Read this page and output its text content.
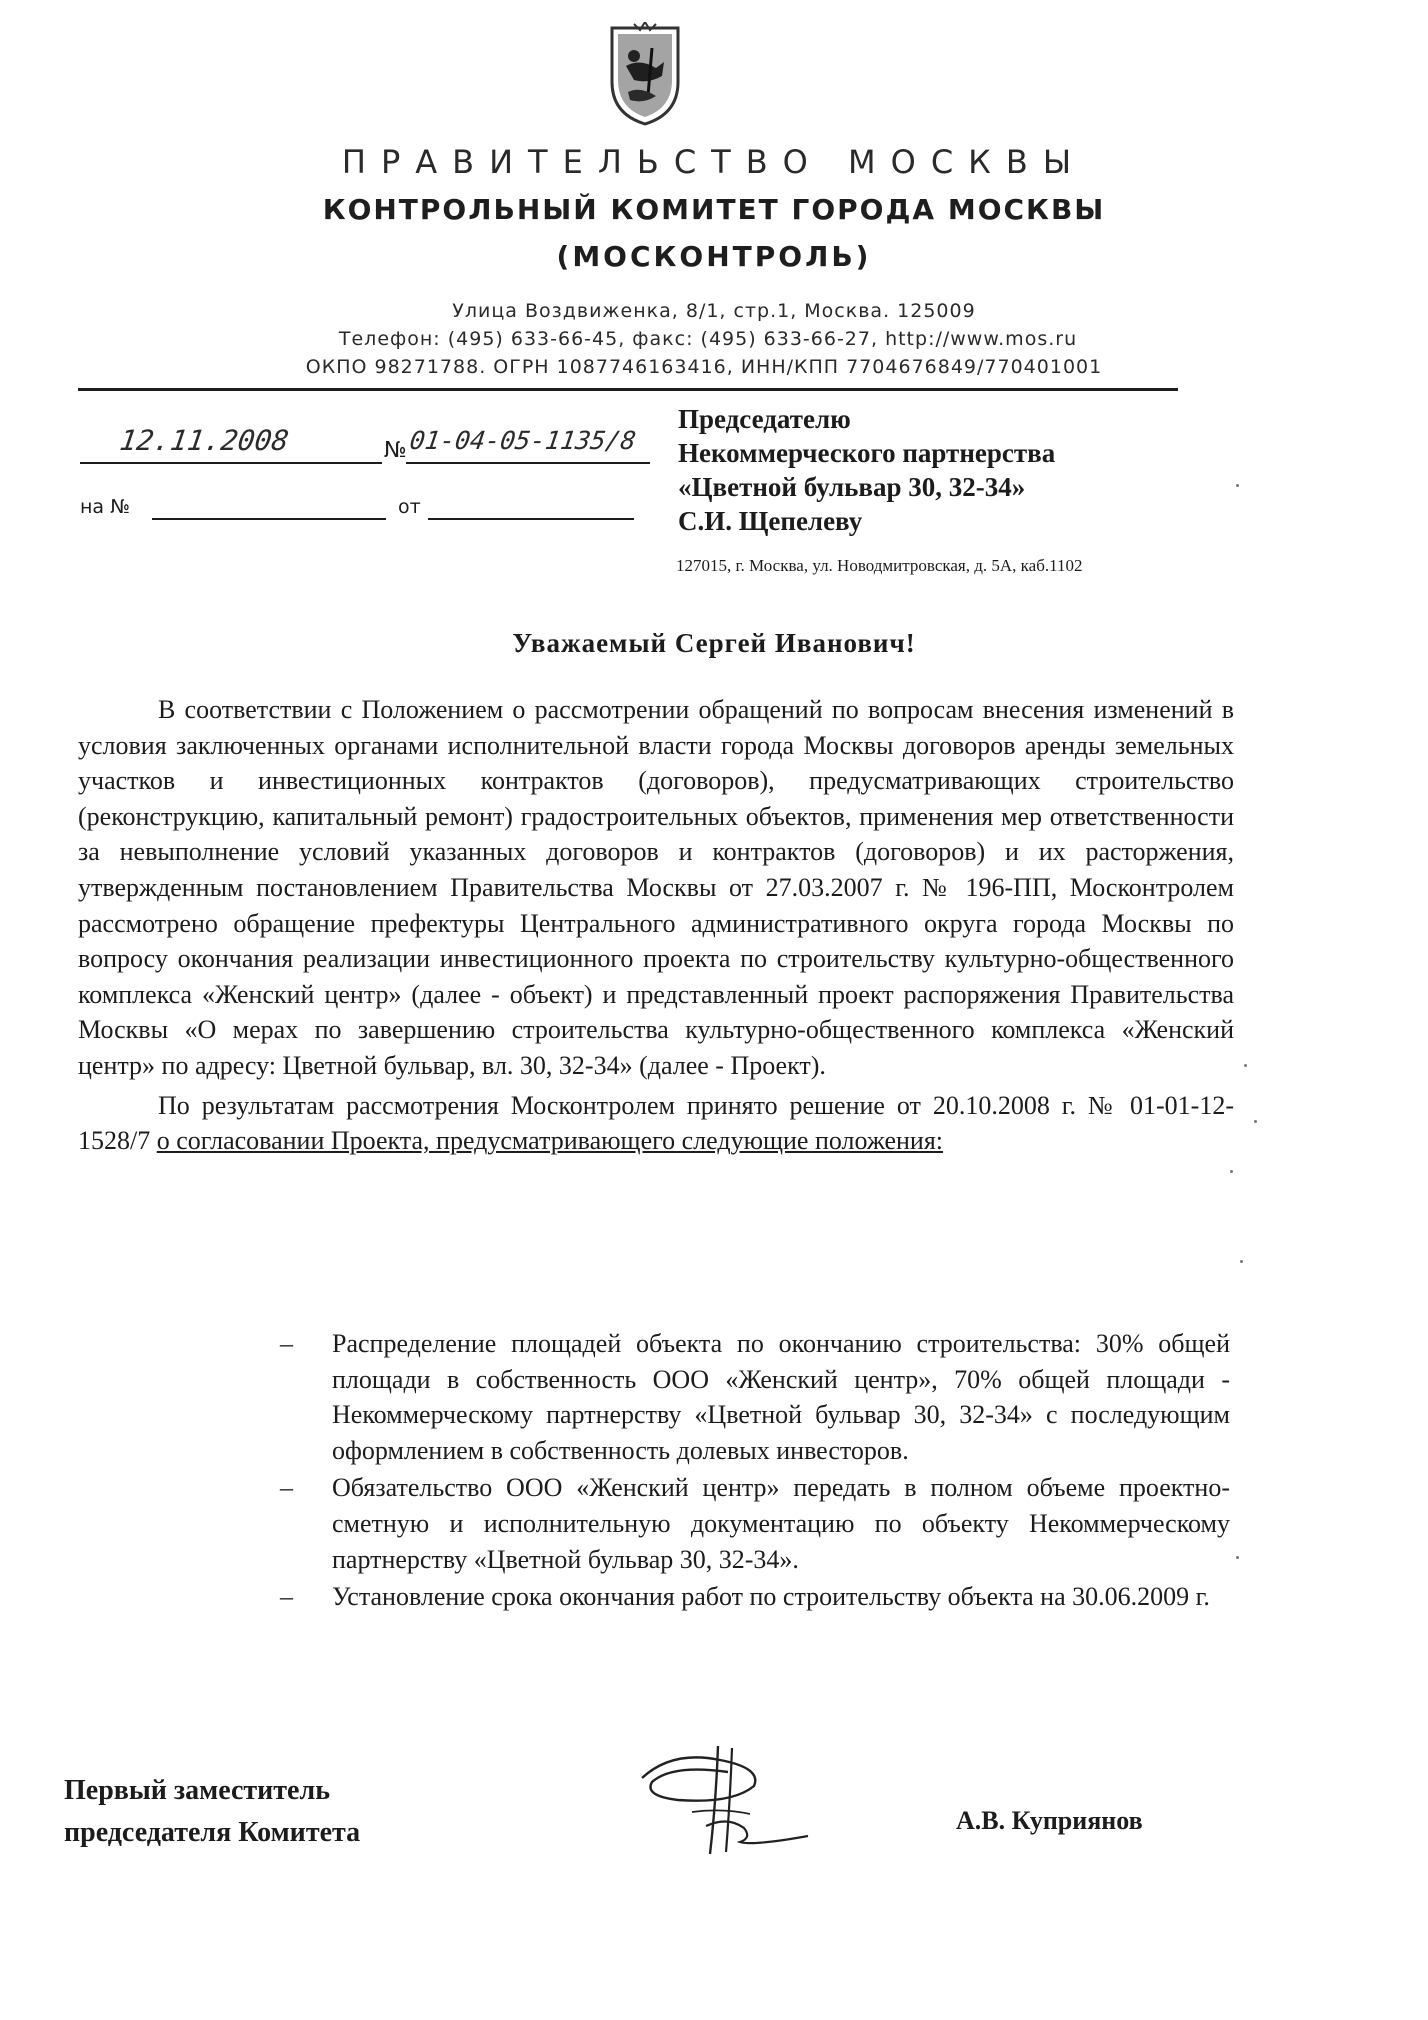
ПРАВИТЕЛЬСТВО МОСКВЫ
КОНТРОЛЬНЫЙ КОМИТЕТ ГОРОДА МОСКВЫ
(МОСКОНТРОЛЬ)
Улица Воздвиженка, 8/1, стр.1, Москва. 125009
Телефон: (495) 633-66-45, факс: (495) 633-66-27, http://www.mos.ru
ОКПО 98271788. ОГРН 1087746163416, ИНН/КПП 7704676849/770401001
12.11.2008	№ 01-04-05-1135/8
на №	от
Председателю
Некоммерческого партнерства
«Цветной бульвар 30, 32-34»
С.И. Щепелеву
127015, г. Москва, ул. Новодмитровская, д. 5А, каб.1102
Уважаемый Сергей Иванович!

В соответствии с Положением о рассмотрении обращений по вопросам внесения изменений в условия заключенных органами исполнительной власти города Москвы договоров аренды земельных участков и инвестиционных контрактов (договоров), предусматривающих строительство (реконструкцию, капитальный ремонт) градостроительных объектов, применения мер ответственности за невыполнение условий указанных договоров и контрактов (договоров) и их расторжения, утвержденным постановлением Правительства Москвы от 27.03.2007 г. № 196-ПП, Москонтролем рассмотрено обращение префектуры Центрального административного округа города Москвы по вопросу окончания реализации инвестиционного проекта по строительству культурно-общественного комплекса «Женский центр» (далее - объект) и представленный проект распоряжения Правительства Москвы «О мерах по завершению строительства культурно-общественного комплекса «Женский центр» по адресу: Цветной бульвар, вл. 30, 32-34» (далее - Проект).

По результатам рассмотрения Москонтролем принято решение от 20.10.2008 г. № 01-01-12-1528/7 о согласовании Проекта, предусматривающего следующие положения:

– Распределение площадей объекта по окончанию строительства: 30% общей площади в собственность ООО «Женский центр», 70% общей площади - Некоммерческому партнерству «Цветной бульвар 30, 32-34» с последующим оформлением в собственность долевых инвесторов.
– Обязательство ООО «Женский центр» передать в полном объеме проектно-сметную и исполнительную документацию по объекту Некоммерческому партнерству «Цветной бульвар 30, 32-34».
– Установление срока окончания работ по строительству объекта на 30.06.2009 г.
Первый заместитель
председателя Комитета	А.В. Куприянов
